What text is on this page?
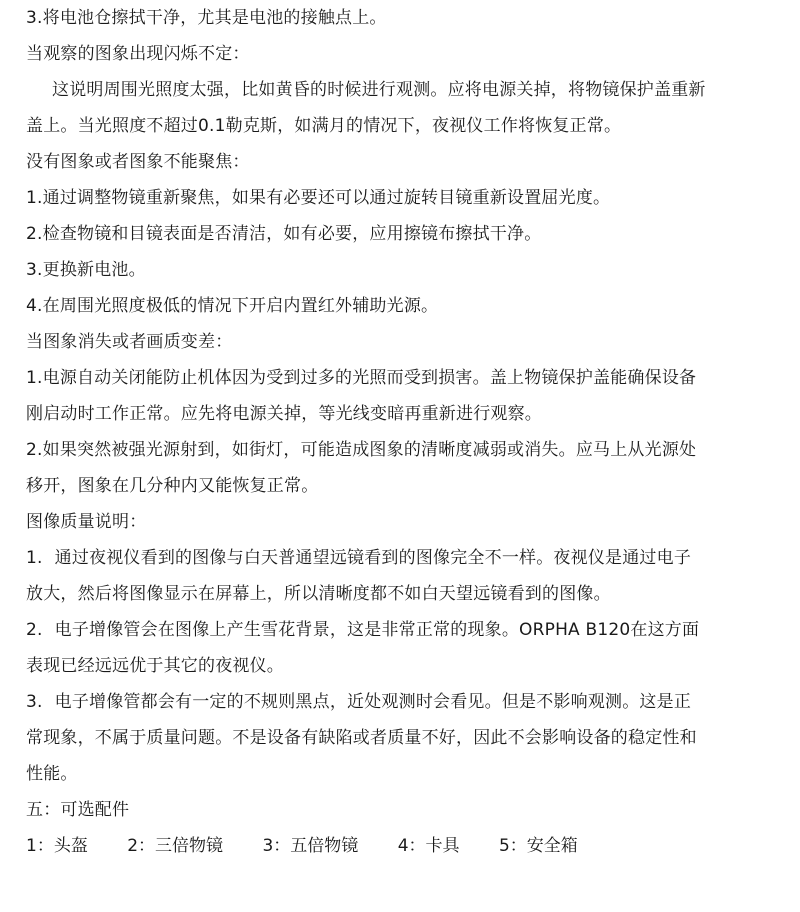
3.将电池仓擦拭干净，尤其是电池的接触点上。
当观察的图象出现闪烁不定：
这说明周围光照度太强，比如黄昏的时候进行观测。应将电源关掉，将物镜保护盖重新
盖上。当光照度不超过0.1勒克斯，如满月的情况下，夜视仪工作将恢复正常。
没有图象或者图象不能聚焦：
1.通过调整物镜重新聚焦，如果有必要还可以通过旋转目镜重新设置屈光度。
2.检查物镜和目镜表面是否清洁，如有必要，应用擦镜布擦拭干净。
3.更换新电池。
4.在周围光照度极低的情况下开启内置红外辅助光源。
当图象消失或者画质变差：
1.电源自动关闭能防止机体因为受到过多的光照而受到损害。盖上物镜保护盖能确保设备
刚启动时工作正常。应先将电源关掉，等光线变暗再重新进行观察。
2.如果突然被强光源射到，如街灯，可能造成图象的清晰度减弱或消失。应马上从光源处
移开，图象在几分种内又能恢复正常。
图像质量说明：
1. 通过夜视仪看到的图像与白天普通望远镜看到的图像完全不一样。夜视仪是通过电子
放大，然后将图像显示在屏幕上，所以清晰度都不如白天望远镜看到的图像。
2. 电子增像管会在图像上产生雪花背景，这是非常正常的现象。ORPHA B120在这方面
表现已经远远优于其它的夜视仪。
3. 电子增像管都会有一定的不规则黑点，近处观测时会看见。但是不影响观测。这是正
常现象，不属于质量问题。不是设备有缺陷或者质量不好，因此不会影响设备的稳定性和
性能。
五：可选配件
1：头盔 2：三倍物镜 3：五倍物镜 4：卡具 5：安全箱
